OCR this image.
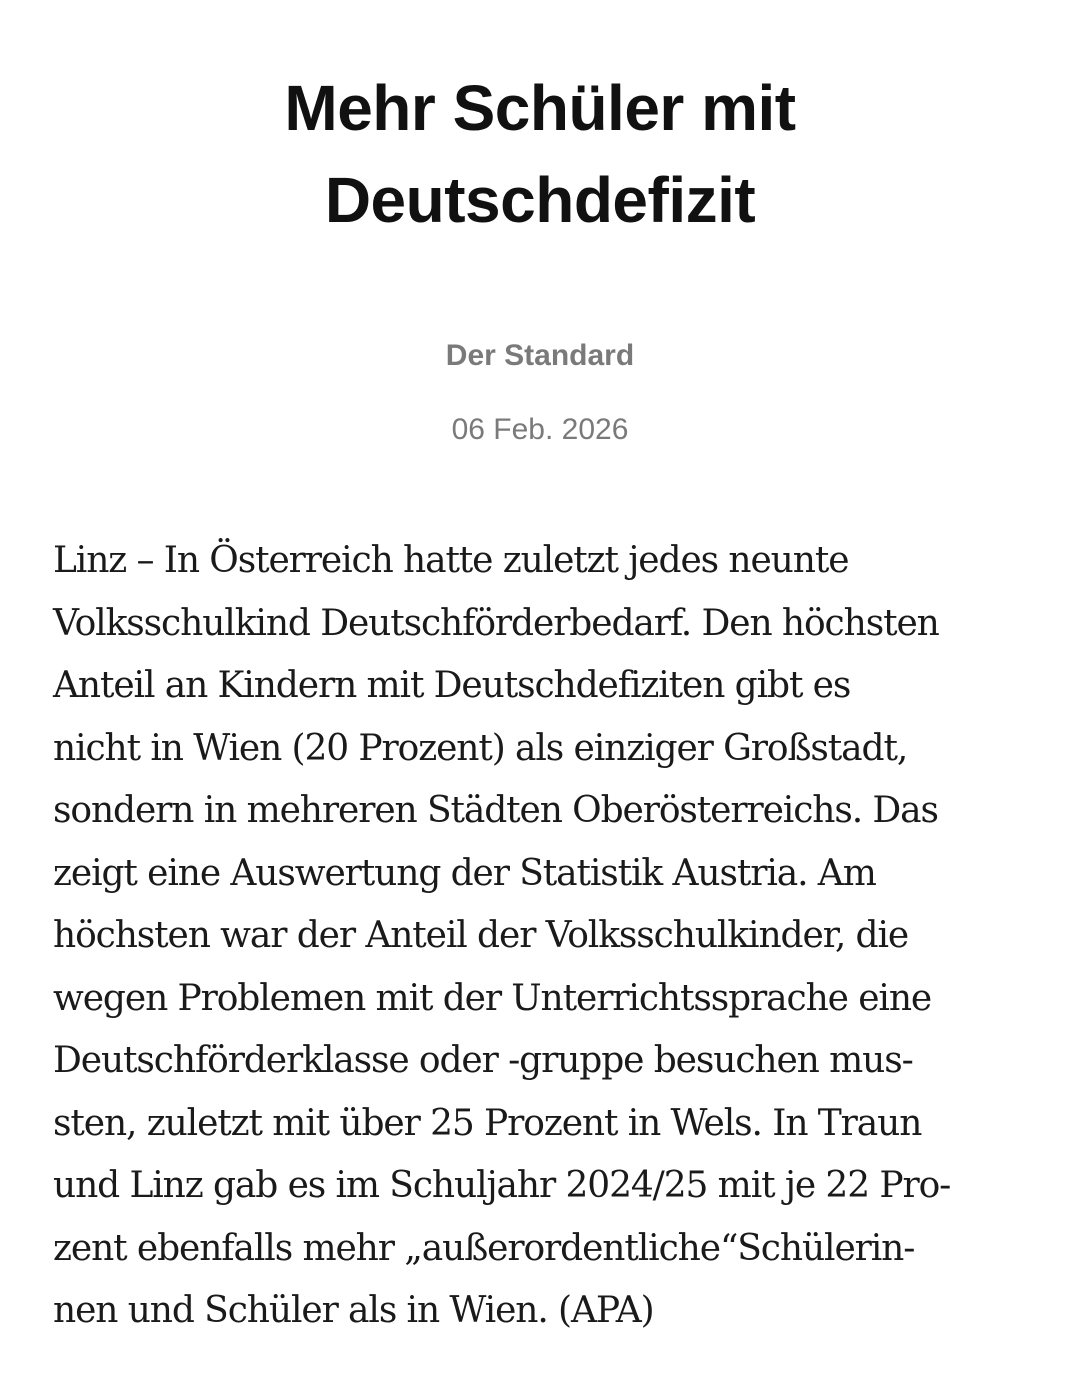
Mehr Schüler mit
Deutschdefizit
Der Standard
06 Feb. 2026

Linz – In Österreich hatte zuletzt jedes neunte
Volksschulkind Deutschförderbedarf. Den höchsten
Anteil an Kindern mit Deutschdefiziten gibt es
nicht in Wien (20 Prozent) als einziger Großstadt,
sondern in mehreren Städten Oberösterreichs. Das
zeigt eine Auswertung der Statistik Austria. Am
höchsten war der Anteil der Volksschulkinder, die
wegen Problemen mit der Unterrichtssprache eine
Deutschförderklasse oder -gruppe besuchen mus-
sten, zuletzt mit über 25 Prozent in Wels. In Traun
und Linz gab es im Schuljahr 2024/25 mit je 22 Pro-
zent ebenfalls mehr „außerordentliche“Schülerin-
nen und Schüler als in Wien. (APA)
